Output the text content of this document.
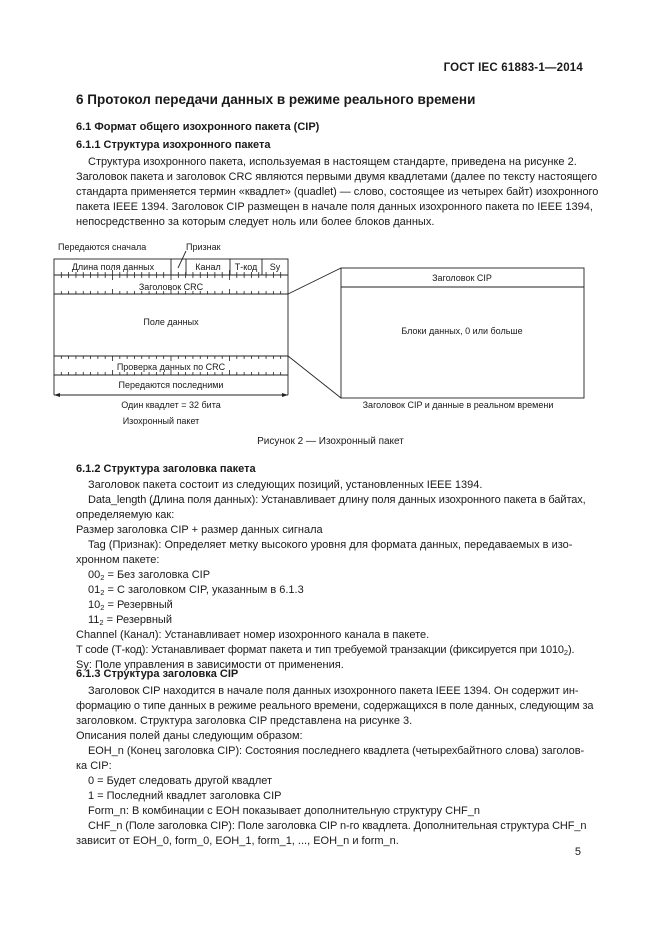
ГОСТ IEC 61883-1—2014
6 Протокол передачи данных в режиме реального времени
6.1 Формат общего изохронного пакета (CIP)
6.1.1 Структура изохронного пакета
Структура изохронного пакета, используемая в настоящем стандарте, приведена на рисунке 2.
Заголовок пакета и заголовок CRC являются первыми двумя квадлетами (далее по тексту настоящего
стандарта применяется термин «квадлет» (quadlet) — слово, состоящее из четырех байт) изохронного
пакета IEEE 1394. Заголовок CIP размещен в начале поля данных изохронного пакета по IEEE 1394,
непосредственно за которым следует ноль или более блоков данных.
Передаются сначала	Признак
Длина поля данных	Канал Т-код Sy
Заголовок CRC
Поле данных
Проверка данных по CRC
Передаются последними
Один квадлет = 32 бита
Изохронный пакет
Заголовок CIP
Блоки данных, 0 или больше
Заголовок CIP и данные в реальном времени
Рисунок 2 — Изохронный пакет
6.1.2 Структура заголовка пакета
Заголовок пакета состоит из следующих позиций, установленных IEEE 1394.
Data_length (Длина поля данных): Устанавливает длину поля данных изохронного пакета в байтах,
определяемую как:
Размер заголовка CIP + размер данных сигнала
Tag (Признак): Определяет метку высокого уровня для формата данных, передаваемых в изо-
хронном пакете:
$00_2$ = Без заголовка CIP
$01_2 = С$ заголовком CIP, указанным в 6.1.3
$10_2$ = Резервный
$11_2$ = Резервный
Channel (Канал): Устанавливает номер изохронного канала в пакете.
T code (Т-код): Устанавливает формат пакета и тип требуемой транзакции (фиксируется при $1010_2$).
Sy: Поле управления в зависимости от применения.
6.1.3 Структура заголовка CIP
Заголовок CIP находится в начале поля данных изохронного пакета IEEE 1394. Он содержит ин-
формацию о типе данных в режиме реального времени, содержащихся в поле данных, следующим за
заголовком. Структура заголовка CIP представлена на рисунке 3.
Описания полей даны следующим образом:
EOH_n (Конец заголовка CIP): Состояния последнего квадлета (четырехбайтного слова) заголов-
ка CIP:
0 = Будет следовать другой квадлет
1 = Последний квадлет заголовка CIP
Form_n: В комбинации с EOH показывает дополнительную структуру CHF_n
CHF_n (Поле заголовка CIP): Поле заголовка CIP n-го квадлета. Дополнительная структура CHF_n
зависит от EOH_0, form_0, EOH_1, form_1, ..., EOH_n и form_n.
5
